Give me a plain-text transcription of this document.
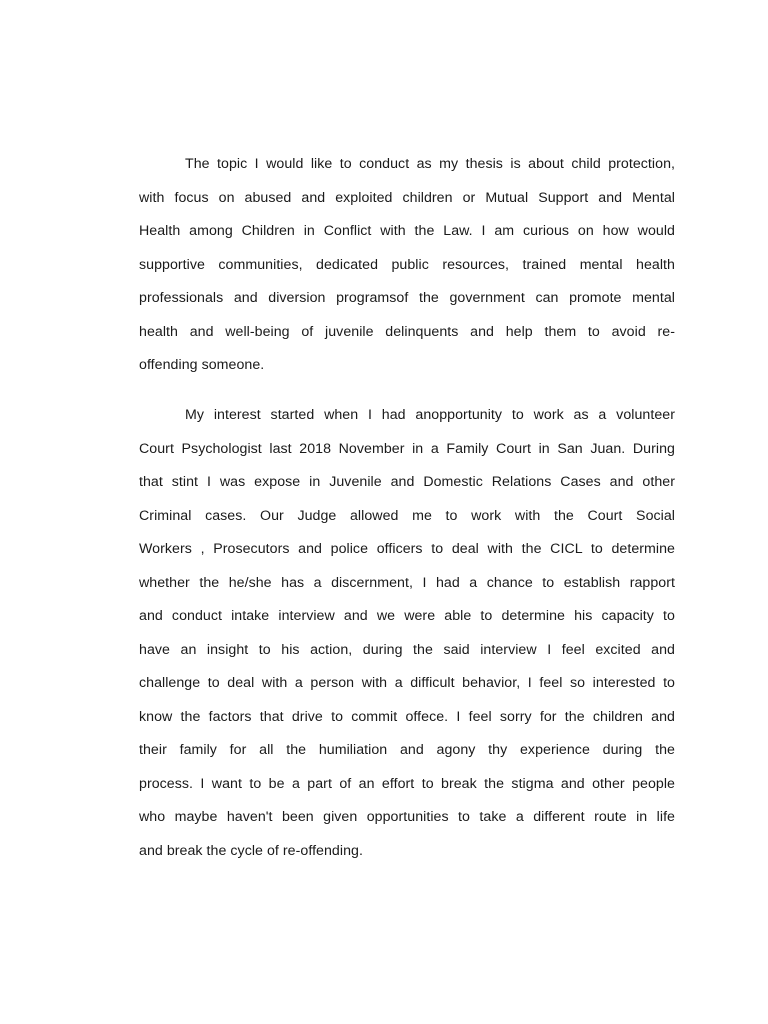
The topic I would like to conduct as my thesis is about child protection,
with focus on abused and exploited children or Mutual Support and Mental
Health among Children in Conflict with the Law. I am curious on how would
supportive communities, dedicated public resources, trained mental health
professionals and diversion programsof the government can promote mental
health and well-being of juvenile delinquents and help them to avoid re-
offending someone.
My interest started when I had anopportunity to work as a volunteer
Court Psychologist last 2018 November in a Family Court in San Juan. During
that stint I was expose in Juvenile and Domestic Relations Cases and other
Criminal cases. Our Judge allowed me to work with the Court Social
Workers , Prosecutors and police officers to deal with the CICL to determine
whether the he/she has a discernment, I had a chance to establish rapport
and conduct intake interview and we were able to determine his capacity to
have an insight to his action, during the said interview I feel excited and
challenge to deal with a person with a difficult behavior, I feel so interested to
know the factors that drive to commit offece. I feel sorry for the children and
their family for all the humiliation and agony thy experience during the
process. I want to be a part of an effort to break the stigma and other people
who maybe haven't been given opportunities to take a different route in life
and break the cycle of re-offending.
